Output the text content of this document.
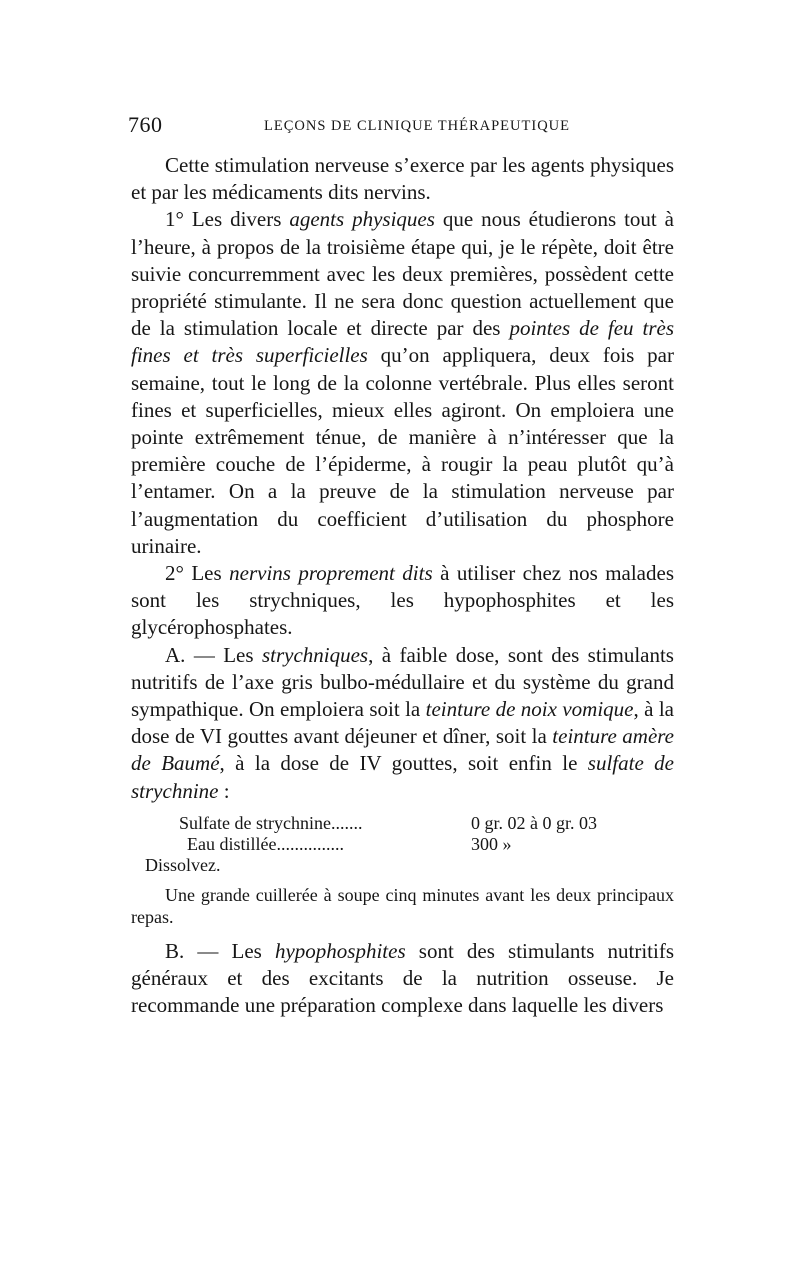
760	LEÇONS DE CLINIQUE THÉRAPEUTIQUE

Cette stimulation nerveuse s’exerce par les agents physiques et par les médicaments dits nervins.

1° Les divers agents physiques que nous étudierons tout à l’heure, à propos de la troisième étape qui, je le répète, doit être suivie concurremment avec les deux premières, possèdent cette propriété stimulante. Il ne sera donc question actuellement que de la stimulation locale et directe par des pointes de feu très fines et très superficielles qu’on appliquera, deux fois par semaine, tout le long de la colonne vertébrale. Plus elles seront fines et superficielles, mieux elles agiront. On emploiera une pointe extrêmement ténue, de manière à n’intéresser que la première couche de l’épiderme, à rougir la peau plutôt qu’à l’entamer. On a la preuve de la stimulation nerveuse par l’augmentation du coefficient d’utilisation du phosphore urinaire.

2° Les nervins proprement dits à utiliser chez nos malades sont les strychniques, les hypophosphites et les glycérophosphates.

A. — Les strychniques, à faible dose, sont des stimulants nutritifs de l’axe gris bulbo-médullaire et du système du grand sympathique. On emploiera soit la teinture de noix vomique, à la dose de VI gouttes avant déjeuner et dîner, soit la teinture amère de Baumé, à la dose de IV gouttes, soit enfin le sulfate de strychnine :

Sulfate de strychnine.......	0 gr. 02 à 0 gr. 03
Eau distillée...............	300 »
Dissolvez.

Une grande cuillerée à soupe cinq minutes avant les deux principaux repas.

B. — Les hypophosphites sont des stimulants nutritifs généraux et des excitants de la nutrition osseuse. Je recommande une préparation complexe dans laquelle les divers
